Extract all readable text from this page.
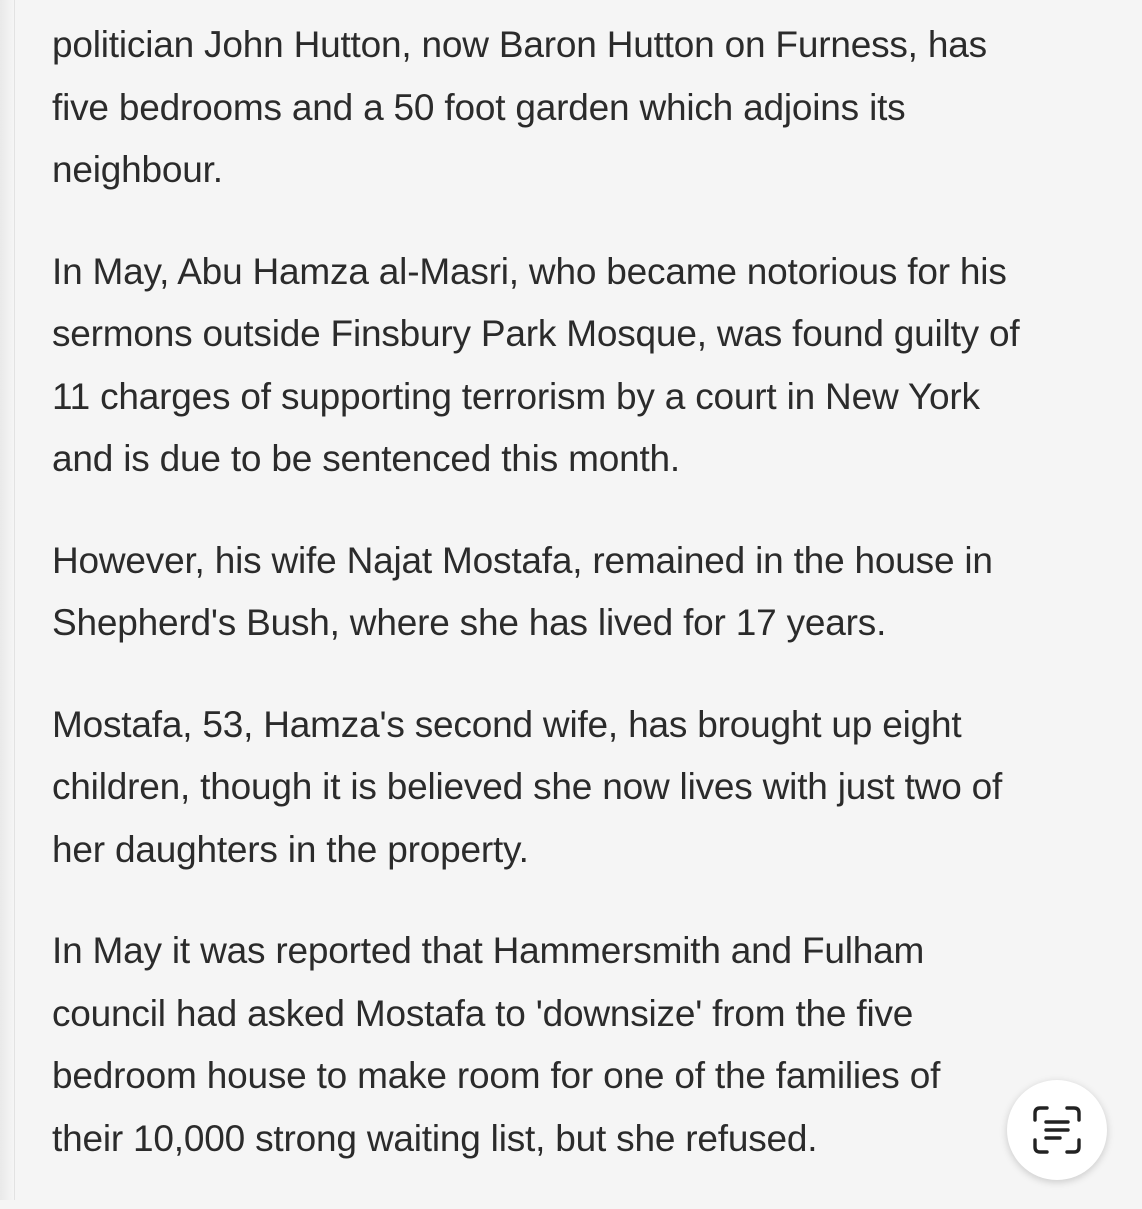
politician John Hutton, now Baron Hutton on Furness, has
five bedrooms and a 50 foot garden which adjoins its
neighbour.

In May, Abu Hamza al-Masri, who became notorious for his
sermons outside Finsbury Park Mosque, was found guilty of
11 charges of supporting terrorism by a court in New York
and is due to be sentenced this month.

However, his wife Najat Mostafa, remained in the house in
Shepherd's Bush, where she has lived for 17 years.

Mostafa, 53, Hamza's second wife, has brought up eight
children, though it is believed she now lives with just two of
her daughters in the property.

In May it was reported that Hammersmith and Fulham
council had asked Mostafa to 'downsize' from the five
bedroom house to make room for one of the families of
their 10,000 strong waiting list, but she refused.
